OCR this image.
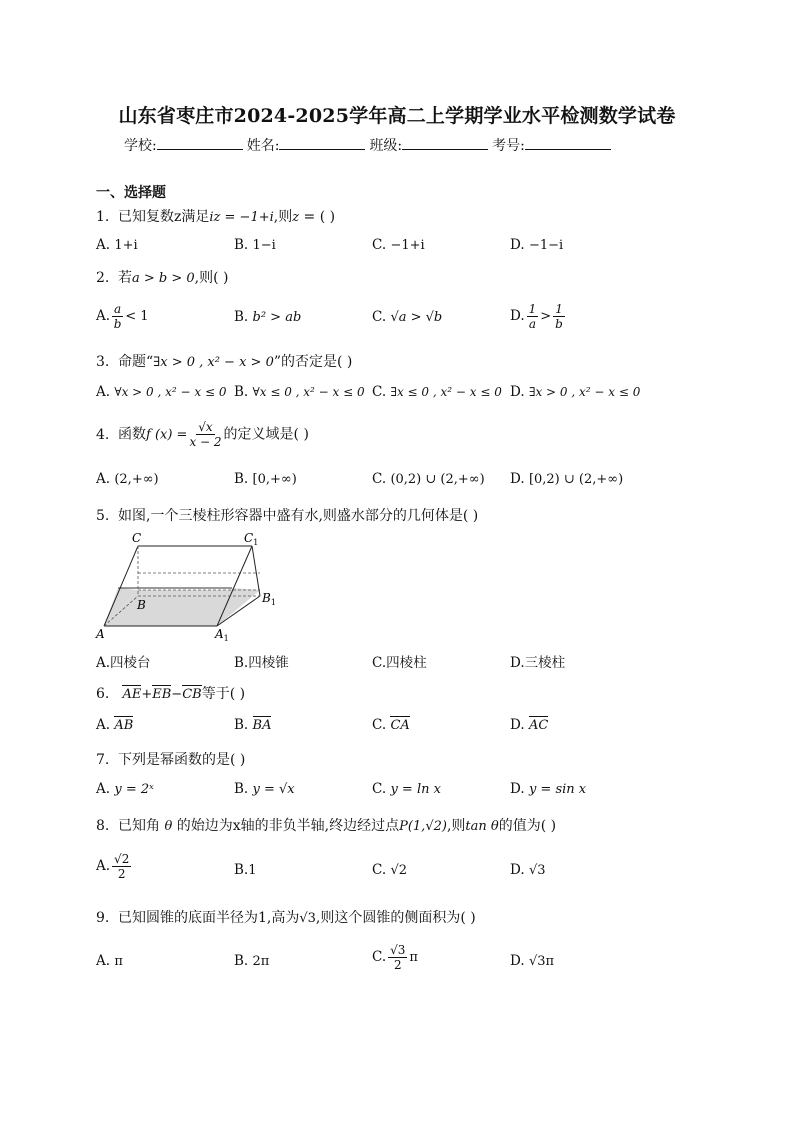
山东省枣庄市2024-2025学年高二上学期学业水平检测数学试卷
学校:	姓名:	班级:	考号:
一、选择题
1. 已知复数z满足iz = −1+i,则z = ( )
A. 1+i	B. 1−i	C. −1+i	D. −1−i
2. 若a > b > 0,则( )
A. $\frac{a}{b} < 1$	B. b² > ab	C. √a > √b	D. $\frac{1}{a} > \frac{1}{b}$
3. 命题“∃x > 0 , x² − x > 0”的否定是( )
A. ∀x > 0 , x² − x ≤ 0 B. ∀x ≤ 0 , x² − x ≤ 0 C. ∃x ≤ 0 , x² − x ≤ 0 D. ∃x > 0 , x² − x ≤ 0
4. 函数f $(x) = \frac{√x}{x - 2}$ 的定义域是( )
A. (2,+∞)	B. [0,+∞)	C. (0,2) ∪ (2,+∞) D. [0,2) ∪ (2,+∞)
5. 如图,一个三棱柱形容器中盛有水,则盛水部分的几何体是( )
C	$C_1$
B	$B_1$
A	$A_1$
A.四棱台	B.四棱锥	C.四棱柱	D.三棱柱
6. AE+EB−CB等于( )
A. AB	B. BA	C. CA	D. AC
7. 下列是幂函数的是( )
A. y = 2ˣ	B. y = √x	C. y = ln x	D. y = sin x
8. 已知角 θ 的始边为x轴的非负半轴,终边经过点P(1,√2),则tan θ的值为( )
A. $\frac{√2}{2}$	B.1	C. √2	D. √3
9. 已知圆锥的底面半径为1,高为√3,则这个圆锥的侧面积为( )
A. π	B. 2π	C. $\frac{√3}{2}$ π	D. √3π
